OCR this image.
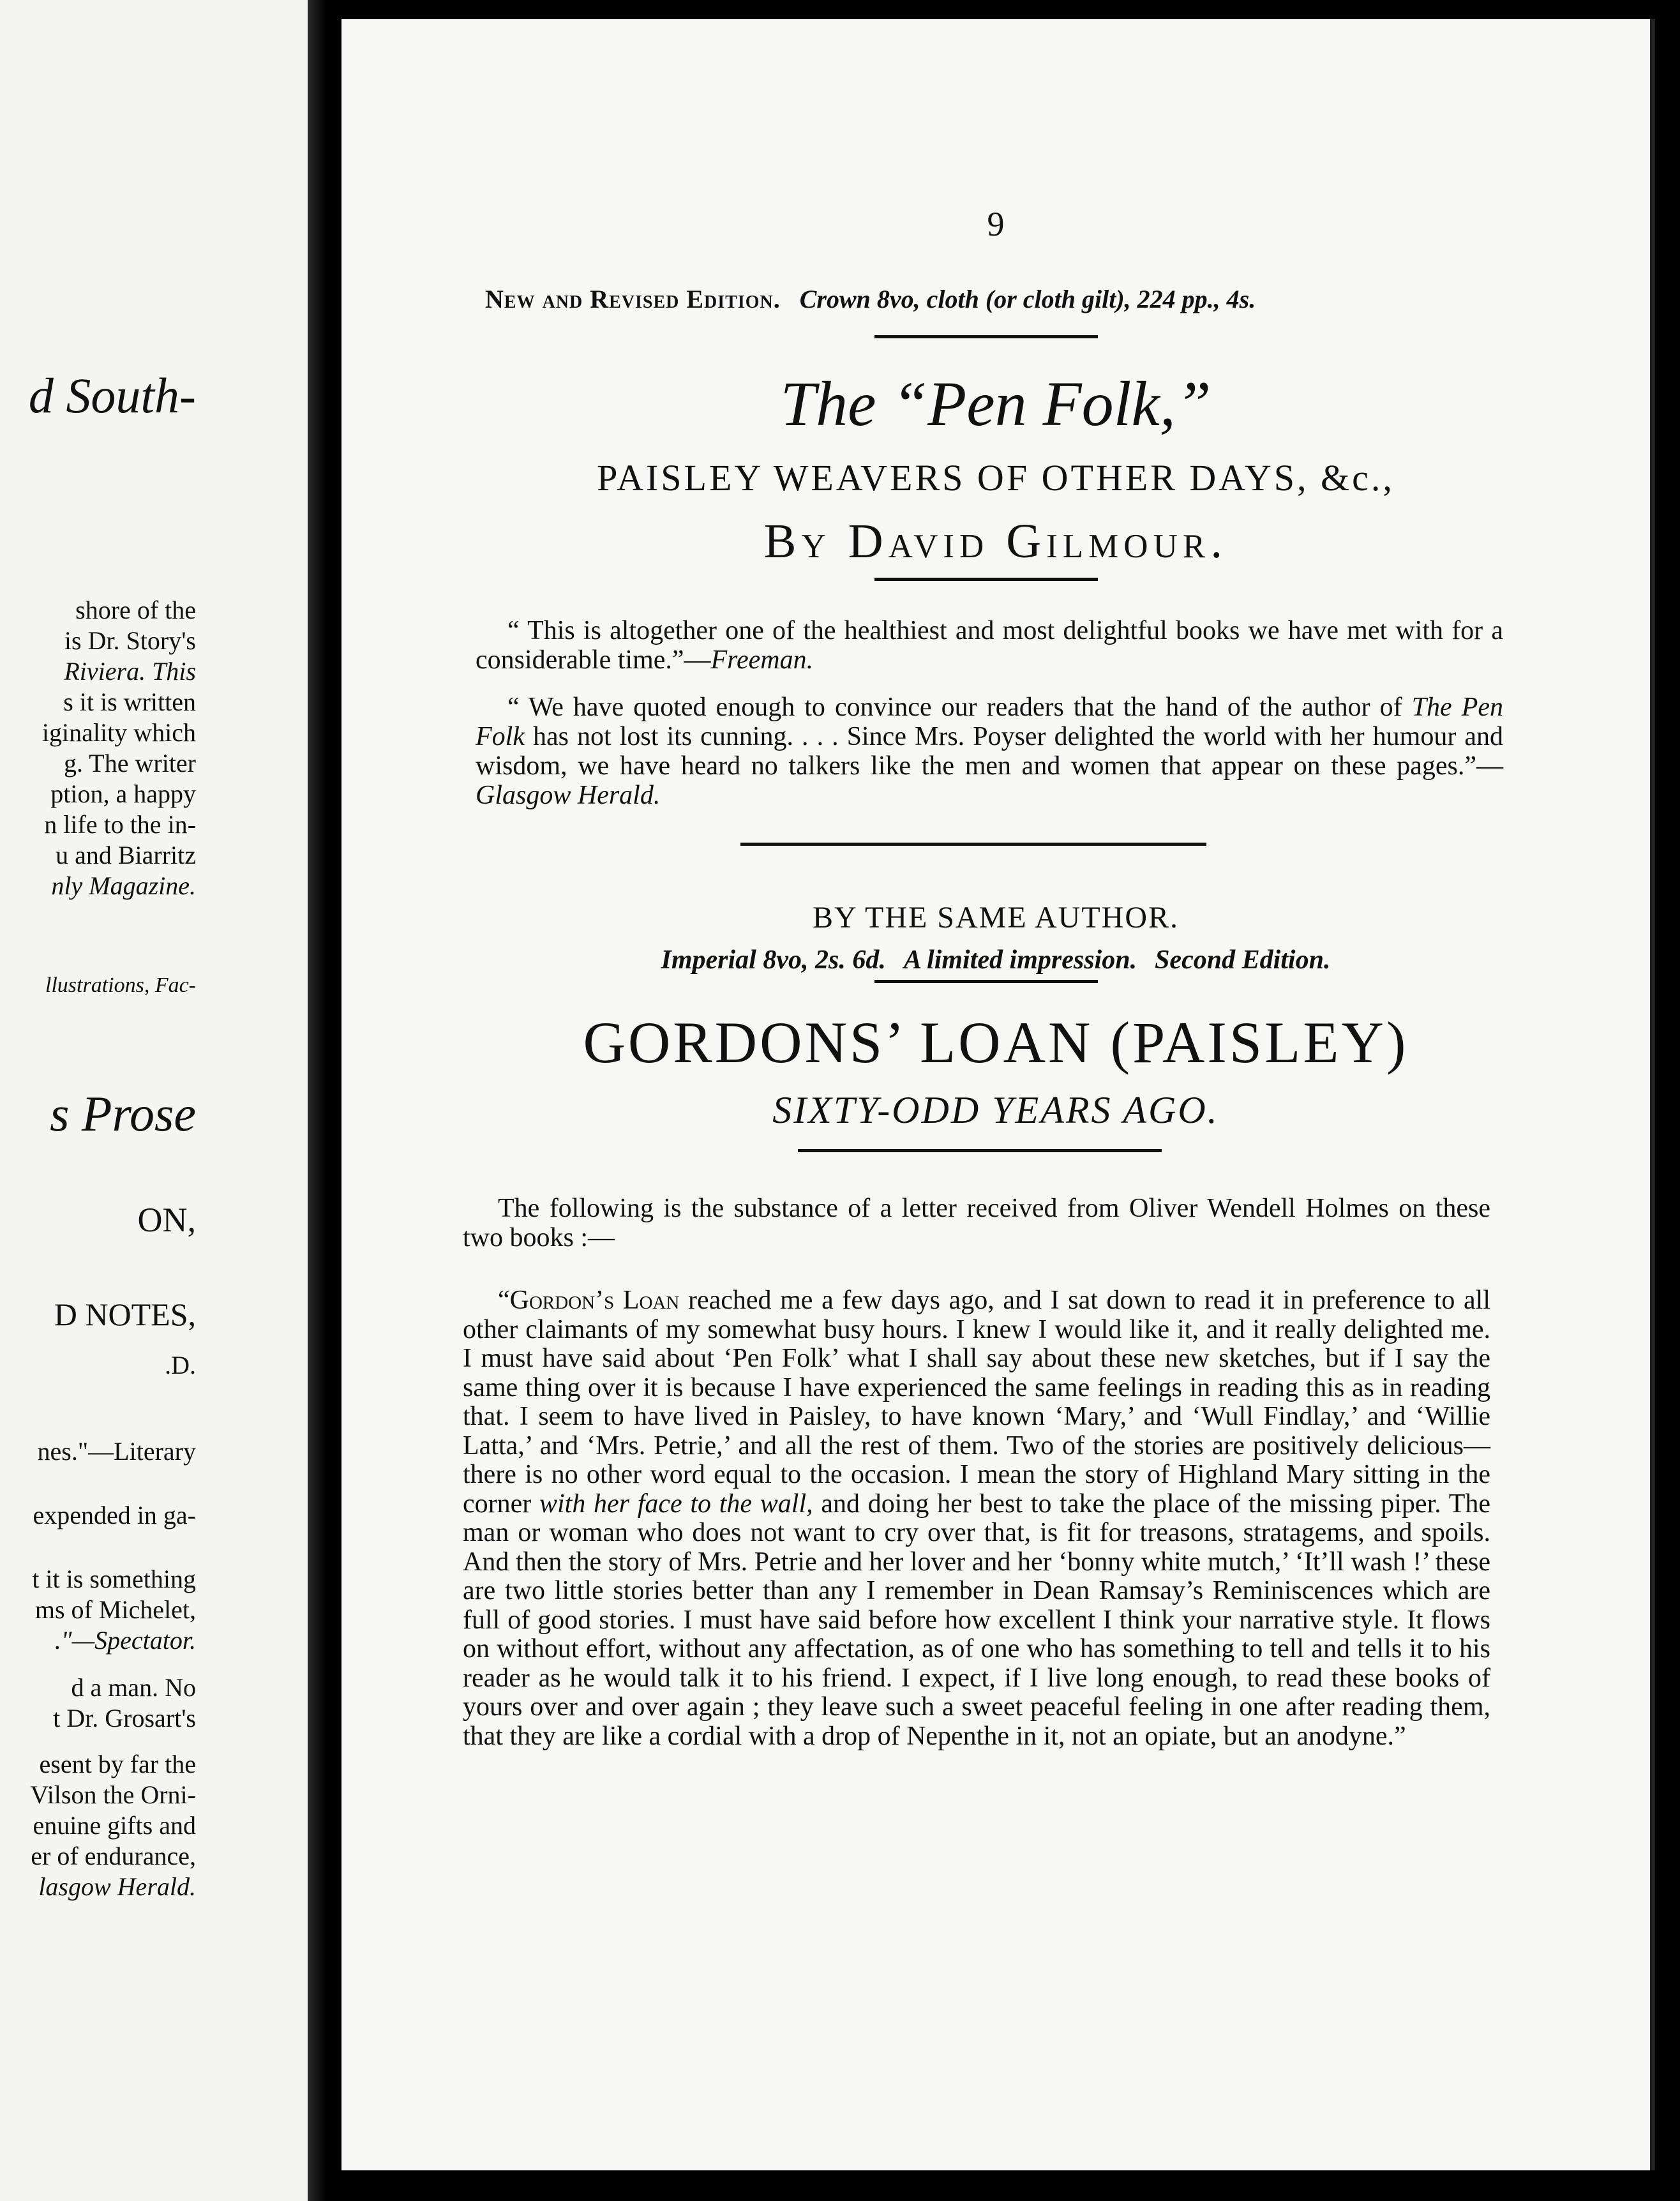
d South-
shore of the
is Dr. Story's
Riviera. This
s it is written
iginality which
g. The writer
ption, a happy
n life to the in-
u and Biarritz
nly Magazine.
llustrations, Fac-
s Prose
ON,
D NOTES,
.D.
nes."—Literary
expended in ga-
t it is something
ms of Michelet,
."—Spectator.
d a man. No
t Dr. Grosart's
esent by far the
Vilson the Orni-
enuine gifts and
er of endurance,
lasgow Herald.
9
New and Revised Edition. Crown 8vo, cloth (or cloth gilt), 224 pp., 4s.
The “Pen Folk,”
PAISLEY WEAVERS OF OTHER DAYS, &c.,
By David Gilmour.
“ This is altogether one of the healthiest and most delightful books we have met with for a considerable time.”—Freeman.
“ We have quoted enough to convince our readers that the hand of the author of The Pen Folk has not lost its cunning. . . . Since Mrs. Poyser delighted the world with her humour and wisdom, we have heard no talkers like the men and women that appear on these pages.”—Glasgow Herald.
BY THE SAME AUTHOR.
Imperial 8vo, 2s. 6d. A limited impression. Second Edition.
GORDONS’ LOAN (PAISLEY)
SIXTY-ODD YEARS AGO.
The following is the substance of a letter received from Oliver Wendell Holmes on these two books :—
“Gordon’s Loan reached me a few days ago, and I sat down to read it in preference to all other claimants of my somewhat busy hours. I knew I would like it, and it really delighted me. I must have said about ‘Pen Folk’ what I shall say about these new sketches, but if I say the same thing over it is because I have experienced the same feelings in reading this as in reading that. I seem to have lived in Paisley, to have known ‘Mary,’ and ‘Wull Findlay,’ and ‘Willie Latta,’ and ‘Mrs. Petrie,’ and all the rest of them. Two of the stories are positively delicious—there is no other word equal to the occasion. I mean the story of Highland Mary sitting in the corner with her face to the wall, and doing her best to take the place of the missing piper. The man or woman who does not want to cry over that, is fit for treasons, stratagems, and spoils. And then the story of Mrs. Petrie and her lover and her ‘bonny white mutch,’ ‘It’ll wash !’ these are two little stories better than any I remember in Dean Ramsay’s Reminiscences which are full of good stories. I must have said before how excellent I think your narrative style. It flows on without effort, without any affectation, as of one who has something to tell and tells it to his reader as he would talk it to his friend. I expect, if I live long enough, to read these books of yours over and over again ; they leave such a sweet peaceful feeling in one after reading them, that they are like a cordial with a drop of Nepenthe in it, not an opiate, but an anodyne.”
